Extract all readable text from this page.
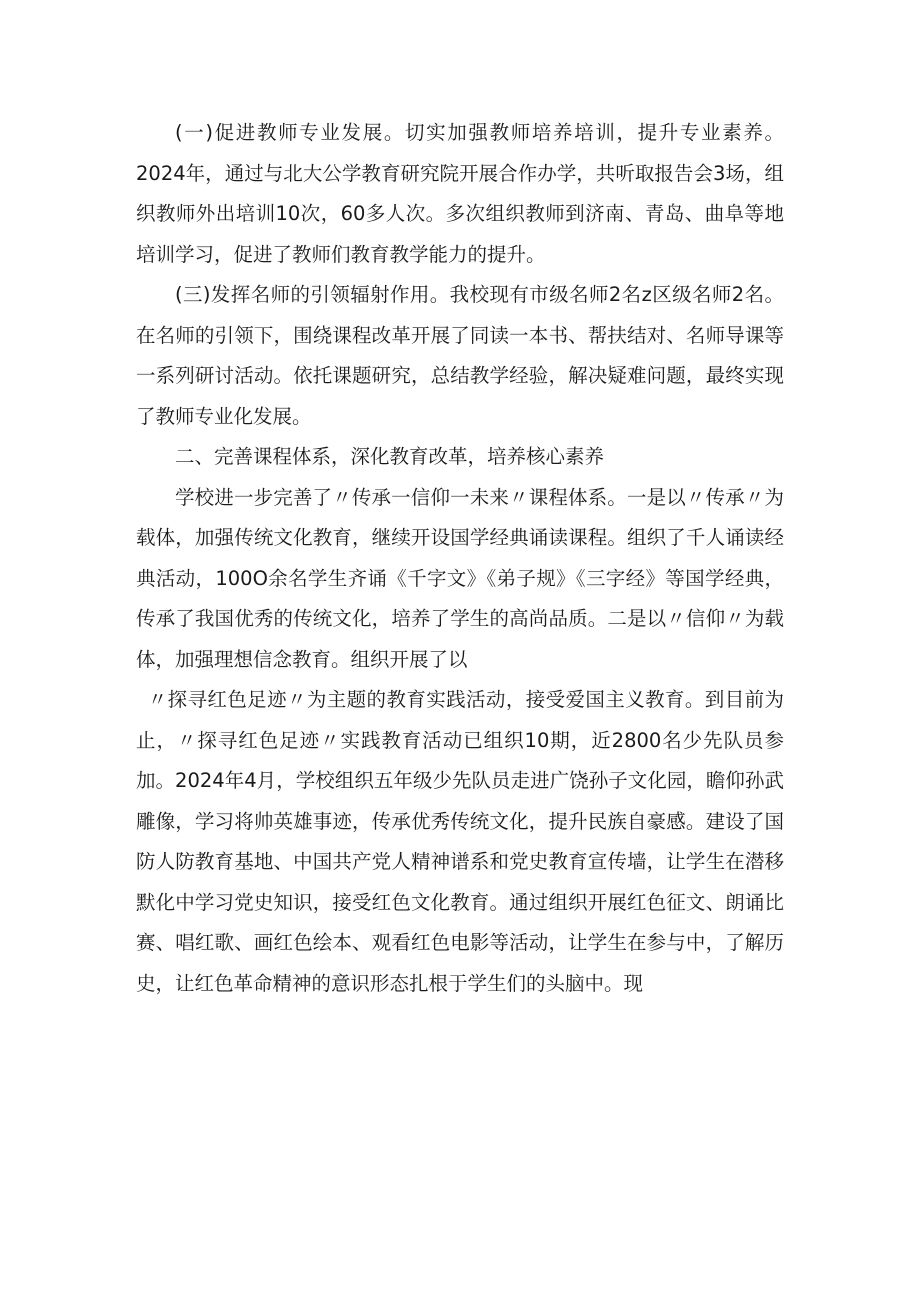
(一)促进教师专业发展。切实加强教师培养培训，提升专业素养。2024年，通过与北大公学教育研究院开展合作办学，共听取报告会3场，组织教师外出培训10次，60多人次。多次组织教师到济南、青岛、曲阜等地培训学习，促进了教师们教育教学能力的提升。

(三)发挥名师的引领辐射作用。我校现有市级名师2名z区级名师2名。在名师的引领下，围绕课程改革开展了同读一本书、帮扶结对、名师导课等一系列研讨活动。依托课题研究，总结教学经验，解决疑难问题，最终实现了教师专业化发展。

二、完善课程体系，深化教育改革，培养核心素养

学校进一步完善了〃传承一信仰一未来〃课程体系。一是以〃传承〃为载体，加强传统文化教育，继续开设国学经典诵读课程。组织了千人诵读经典活动，100O余名学生齐诵《千字文》《弟子规》《三字经》等国学经典，传承了我国优秀的传统文化，培养了学生的高尚品质。二是以〃信仰〃为载体，加强理想信念教育。组织开展了以

〃探寻红色足迹〃为主题的教育实践活动，接受爱国主义教育。到目前为止，〃探寻红色足迹〃实践教育活动已组织10期，近2800名少先队员参加。2024年4月，学校组织五年级少先队员走进广饶孙子文化园，瞻仰孙武雕像，学习将帅英雄事迹，传承优秀传统文化，提升民族自豪感。建设了国防人防教育基地、中国共产党人精神谱系和党史教育宣传墙，让学生在潜移默化中学习党史知识，接受红色文化教育。通过组织开展红色征文、朗诵比赛、唱红歌、画红色绘本、观看红色电影等活动，让学生在参与中，了解历史，让红色革命精神的意识形态扎根于学生们的头脑中。现
